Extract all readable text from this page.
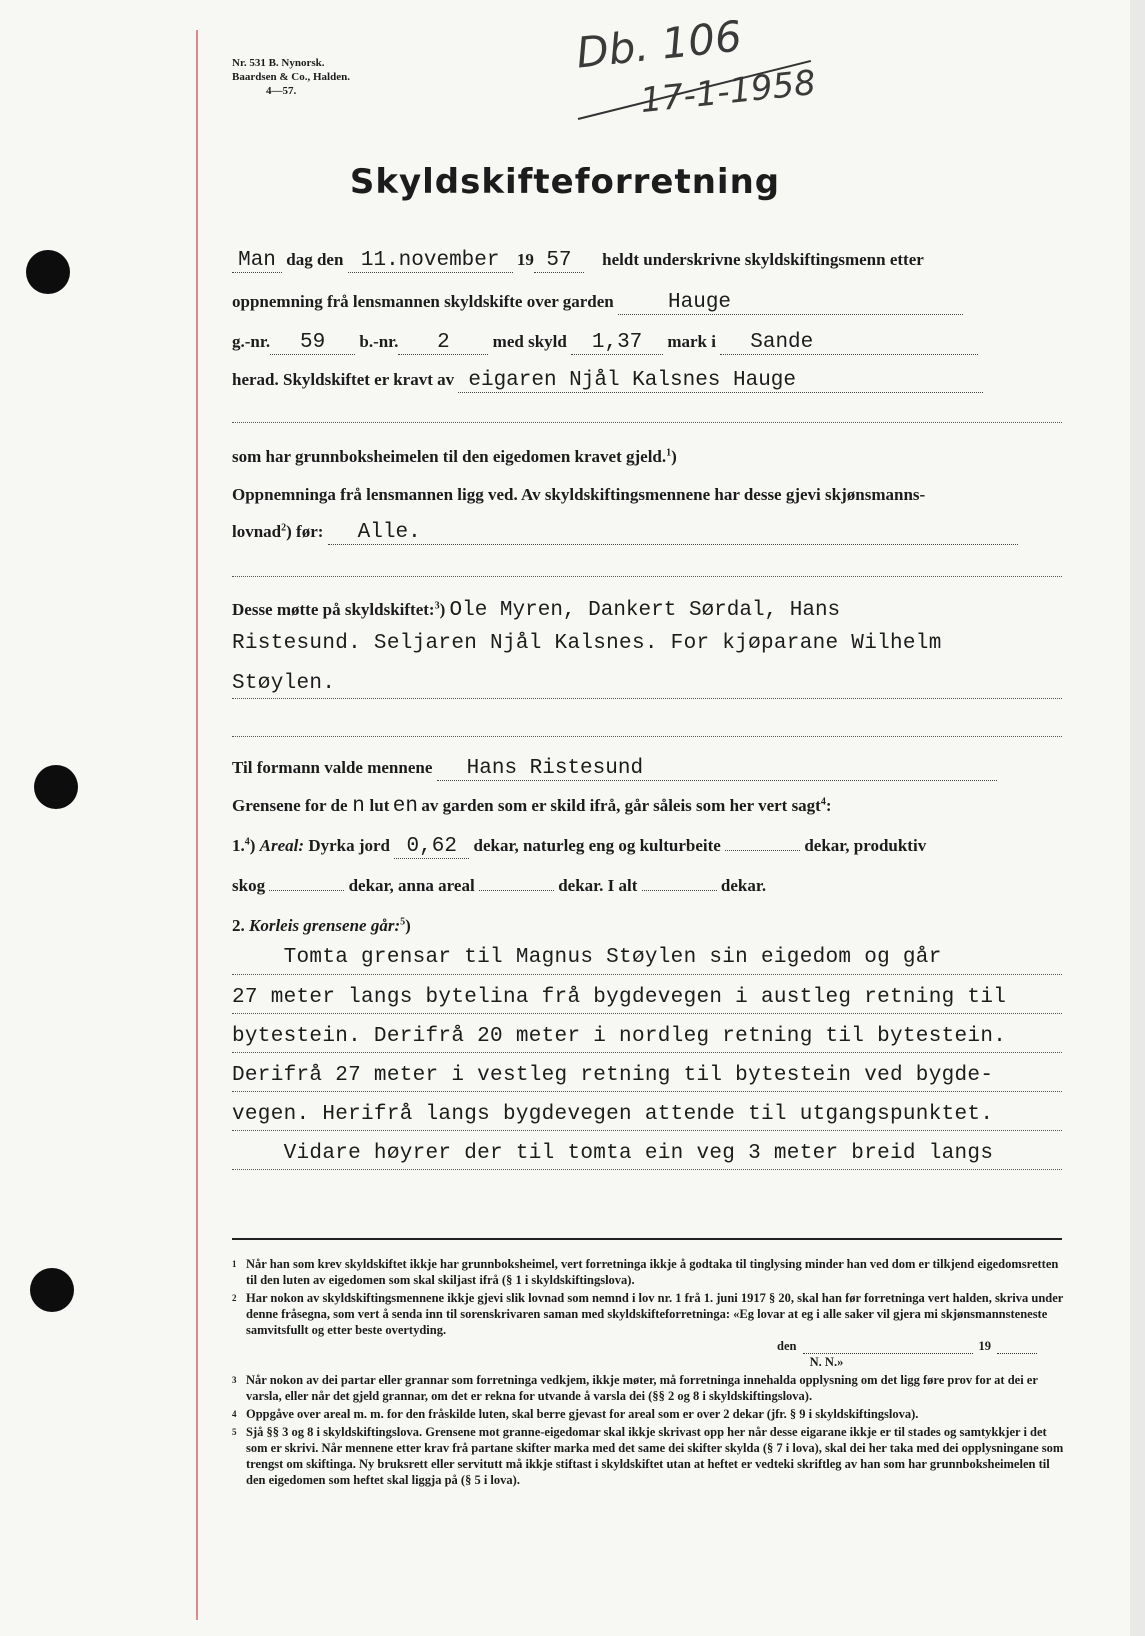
Nr. 531 B. Nynorsk.
Baardsen & Co., Halden.
4—57.
Db. 106
17-1-1958
Skyldskifteforretning
Man dag den 11.november 19 57 heldt underskrivne skyldskiftingsmenn etter
oppnemning frå lensmannen skyldskifte over garden	Hauge
g.-nr. 59 b.-nr. 2	med skyld 1,37 mark i Sande
herad. Skyldskiftet er kravt av eigaren Njål Kalsnes Hauge
som har grunnboksheimelen til den eigedomen kravet gjeld.$^1$)
Oppnemninga frå lensmannen ligg ved. Av skyldskiftingsmennene har desse gjevi skjønsmanns-
lovnad$^2$) før: Alle.
Desse møtte på skyldskiftet:$^3$) Ole Myren, Dankert Sørdal, Hans
Ristesund. Seljaren Njål Kalsnes. For kjøparane Wilhelm
Støylen.
Til formann valde mennene Hans Ristesund
Grensene for de n lut en av garden som er skild ifrå, går såleis som her vert sagt$^4$:
1.$^4$) Areal: Dyrka jord 0,62 dekar, naturleg eng og kulturbeite	dekar, produktiv
skog	dekar, anna areal	dekar. I alt	dekar.
2. Korleis grensene går:$^5$)
Tomta grensar til Magnus Støylen sin eigedom og går
27 meter langs bytelina frå bygdevegen i austleg retning til
bytestein. Derifrå 20 meter i nordleg retning til bytestein.
Derifrå 27 meter i vestleg retning til bytestein ved bygde-
vegen. Herifrå langs bygdevegen attende til utgangspunktet.
Vidare høyrer der til tomta ein veg 3 meter breid langs
1 Når han som krev skyldskiftet ikkje har grunnboksheimel, vert forretninga ikkje å godtaka til tinglysing minder han ved dom er tilkjend eigedomsretten til den luten av eigedomen som skal skiljast ifrå (§ 1 i skyldskiftingslova).
2 Har nokon av skyldskiftingsmennene ikkje gjevi slik lovnad som nemnd i lov nr. 1 frå 1. juni 1917 § 20, skal han før forretninga vert halden, skriva under denne fråsegna, som vert å senda inn til sorenskrivaren saman med skyldskifteforretninga: «Eg lovar at eg i alle saker vil gjera mi skjønsmannsteneste samvitsfullt og etter beste overtyding.
den	19
N. N.»
3 Når nokon av dei partar eller grannar som forretninga vedkjem, ikkje møter, må forretninga innehalda opplysning om det ligg føre prov for at dei er varsla, eller når det gjeld grannar, om det er rekna for utvande å varsla dei (§§ 2 og 8 i skyldskiftingslova).
4 Oppgåve over areal m. m. for den fråskilde luten, skal berre gjevast for areal som er over 2 dekar (jfr. § 9 i skyldskiftingslova).
5 Sjå §§ 3 og 8 i skyldskiftingslova. Grensene mot granne-eigedomar skal ikkje skrivast opp her når desse eigarane ikkje er til stades og samtykkjer i det som er skrivi. Når mennene etter krav frå partane skifter marka med det same dei skifter skylda (§ 7 i lova), skal dei her taka med dei opplysningane som trengst om skiftinga. Ny bruksrett eller servitutt må ikkje stiftast i skyldskiftet utan at heftet er vedteki skriftleg av han som har grunnboksheimelen til den eigedomen som heftet skal liggja på (§ 5 i lova).
